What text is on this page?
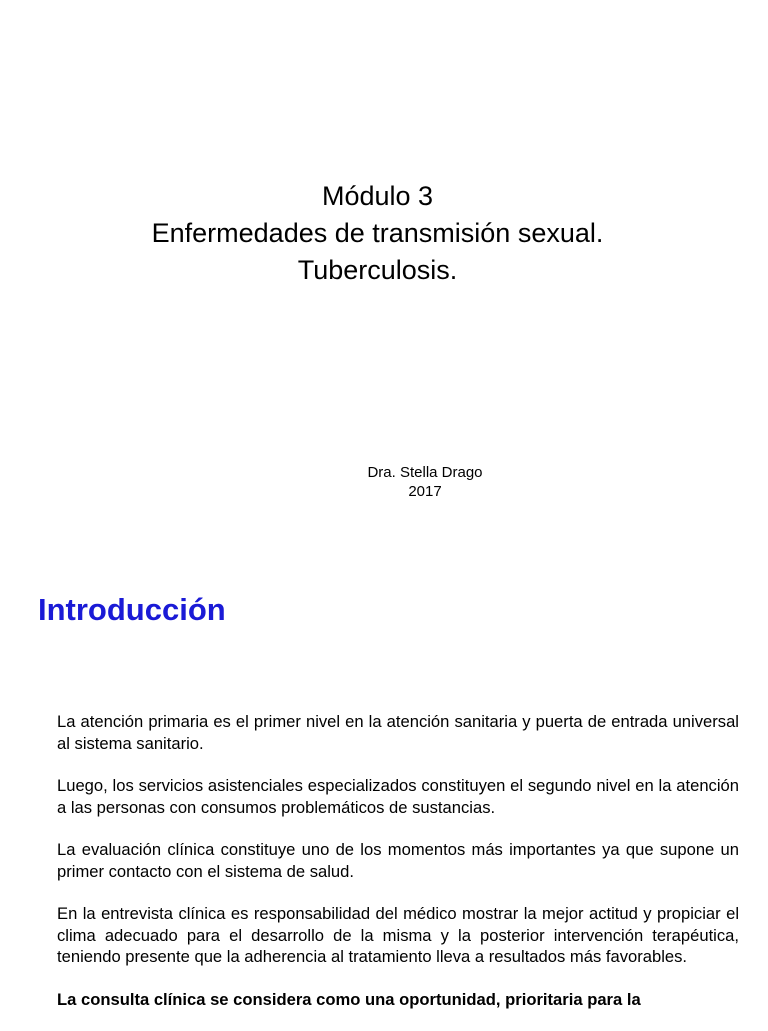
Módulo 3
Enfermedades de transmisión sexual.
Tuberculosis.
Dra. Stella Drago
2017
Introducción

La atención primaria es el primer nivel en la atención sanitaria y puerta de entrada universal al sistema sanitario.

Luego, los servicios asistenciales especializados constituyen el segundo nivel en la atención a las personas con consumos problemáticos de sustancias.

La evaluación clínica constituye uno de los momentos más importantes ya que supone un primer contacto con el sistema de salud.

En la entrevista clínica es responsabilidad del médico mostrar la mejor actitud y propiciar el clima adecuado para el desarrollo de la misma y la posterior intervención terapéutica, teniendo presente que la adherencia al tratamiento lleva a resultados más favorables.

La consulta clínica se considera como una oportunidad, prioritaria para la
